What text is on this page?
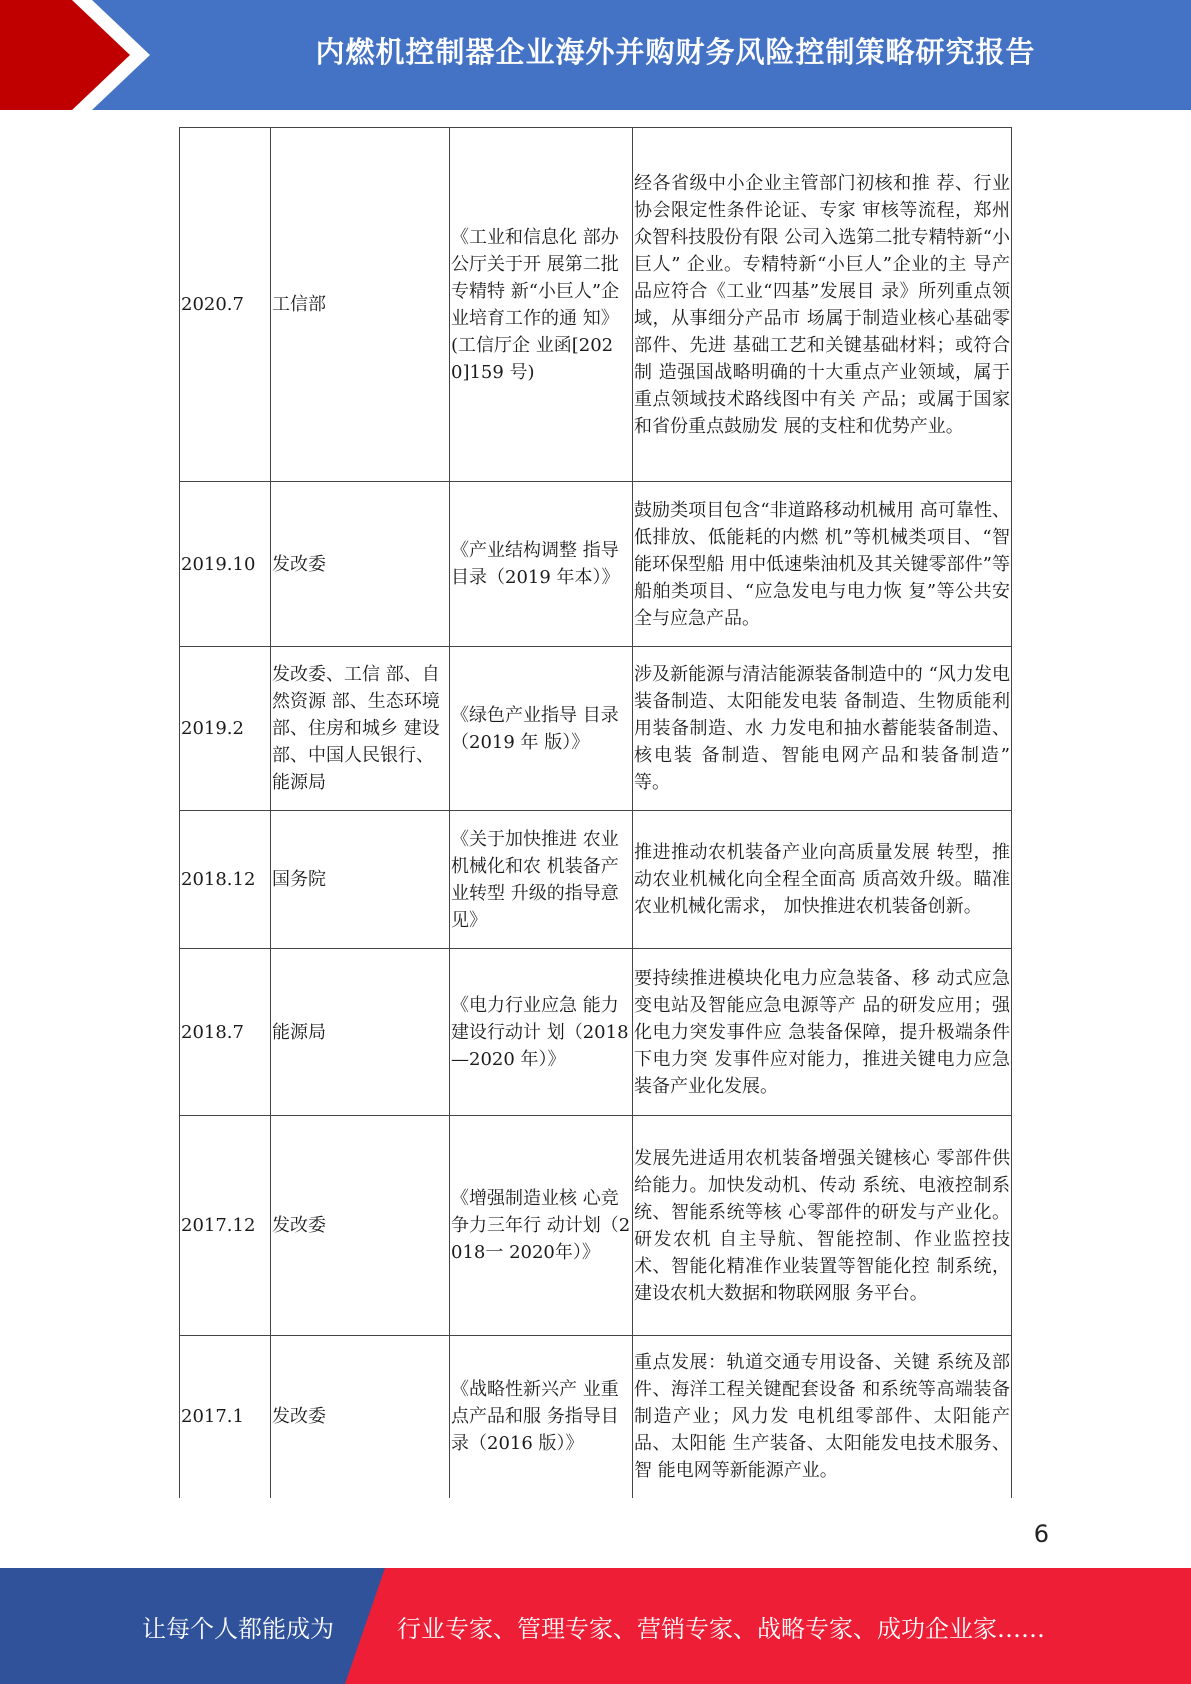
内燃机控制器企业海外并购财务风险控制策略研究报告
2020.7	工信部	《工业和信息化 部办公厅关于开 展第二批专精特 新“小巨人”企 业培育工作的通 知》(工信厅企 业函[2020]159 号)	经各省级中小企业主管部门初核和推 荐、行业协会限定性条件论证、专家 审核等流程，郑州众智科技股份有限 公司入选第二批专精特新“小巨人” 企业。专精特新“小巨人”企业的主 导产品应符合《工业“四基”发展目 录》所列重点领域，从事细分产品市 场属于制造业核心基础零部件、先进 基础工艺和关键基础材料；或符合制 造强国战略明确的十大重点产业领域，属于重点领域技术路线图中有关 产品；或属于国家和省份重点鼓励发 展的支柱和优势产业。
2019.10	发改委	《产业结构调整 指导目录（2019 年本）》	鼓励类项目包含“非道路移动机械用 高可靠性、低排放、低能耗的内燃 机”等机械类项目、“智能环保型船 用中低速柴油机及其关键零部件”等 船舶类项目、“应急发电与电力恢 复”等公共安全与应急产品。
2019.2	发改委、工信 部、自然资源 部、生态环境 部、住房和城乡 建设部、中国人民银行、能源局	《绿色产业指导 目录（2019 年 版）》	涉及新能源与清洁能源装备制造中的 “风力发电装备制造、太阳能发电装 备制造、生物质能利用装备制造、水 力发电和抽水蓄能装备制造、核电装 备制造、智能电网产品和装备制造” 等。
2018.12	国务院	《关于加快推进 农业机械化和农 机装备产业转型 升级的指导意 见》	推进推动农机装备产业向高质量发展 转型，推动农业机械化向全程全面高 质高效升级。瞄准农业机械化需求， 加快推进农机装备创新。
2018.7	能源局	《电力行业应急 能力建设行动计 划（2018—2020 年）》	要持续推进模块化电力应急装备、移 动式应急变电站及智能应急电源等产 品的研发应用；强化电力突发事件应 急装备保障，提升极端条件下电力突 发事件应对能力，推进关键电力应急 装备产业化发展。
2017.12	发改委	《增强制造业核 心竞争力三年行 动计划（2018一 2020年）》	发展先进适用农机装备增强关键核心 零部件供给能力。加快发动机、传动 系统、电液控制系统、智能系统等核 心零部件的研发与产业化。研发农机 自主导航、智能控制、作业监控技 术、智能化精准作业装置等智能化控 制系统，建设农机大数据和物联网服 务平台。
2017.1	发改委	《战略性新兴产 业重点产品和服 务指导目录（2016 版）》	重点发展：轨道交通专用设备、关键 系统及部件、海洋工程关键配套设备 和系统等高端装备制造产业；风力发 电机组零部件、太阳能产品、太阳能 生产装备、太阳能发电技术服务、智 能电网等新能源产业。
6
让每个人都能成为	行业专家、管理专家、营销专家、战略专家、成功企业家……
